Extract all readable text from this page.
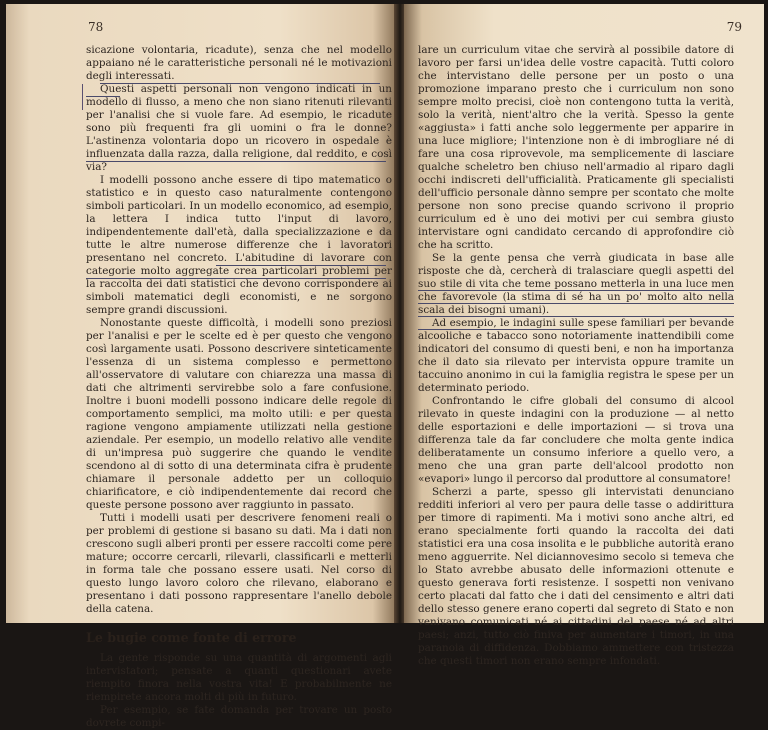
78

sicazione volontaria, ricadute), senza che nel modello appaiano né le caratteristiche personali né le motivazioni degli interessati.

Questi aspetti personali non vengono indicati in un modello di flusso, a meno che non siano ritenuti rilevanti per l'analisi che si vuole fare. Ad esempio, le ricadute sono più frequenti fra gli uomini o fra le donne? L'astinenza volontaria dopo un ricovero in ospedale è influenzata dalla razza, dalla religione, dal reddito, e così via?

I modelli possono anche essere di tipo matematico o statistico e in questo caso naturalmente contengono simboli particolari. In un modello economico, ad esempio, la lettera I indica tutto l'input di lavoro, indipendentemente dall'età, dalla specializzazione e da tutte le altre numerose differenze che i lavoratori presentano nel concreto. L'abitudine di lavorare con categorie molto aggregate crea particolari problemi per la raccolta dei dati statistici che devono corrispondere ai simboli matematici degli economisti, e ne sorgono sempre grandi discussioni.

Nonostante queste difficoltà, i modelli sono preziosi per l'analisi e per le scelte ed è per questo che vengono così largamente usati. Possono descrivere sinteticamente l'essenza di un sistema complesso e permettono all'osservatore di valutare con chiarezza una massa di dati che altrimenti servirebbe solo a fare confusione. Inoltre i buoni modelli possono indicare delle regole di comportamento semplici, ma molto utili: e per questa ragione vengono ampiamente utilizzati nella gestione aziendale. Per esempio, un modello relativo alle vendite di un'impresa può suggerire che quando le vendite scendono al di sotto di una determinata cifra è prudente chiamare il personale addetto per un colloquio chiarificatore, e ciò indipendentemente dai record che queste persone possono aver raggiunto in passato.

Tutti i modelli usati per descrivere fenomeni reali o per problemi di gestione si basano su dati. Ma i dati non crescono sugli alberi pronti per essere raccolti come pere mature; occorre cercarli, rilevarli, classificarli e metterli in forma tale che possano essere usati. Nel corso di questo lungo lavoro coloro che rilevano, elaborano e presentano i dati possono rappresentare l'anello debole della catena.

Le bugie come fonte di errore

La gente risponde su una quantità di argomenti agli intervistatori; pensate a quanti questionari avete riempito finora nella vostra vita! E probabilmente ne riempirete ancora molti di più in futuro.

Per esempio, se fate domanda per trovare un posto dovrete compi-

79

lare un curriculum vitae che servirà al possibile datore di lavoro per farsi un'idea delle vostre capacità. Tutti coloro che intervistano delle persone per un posto o una promozione imparano presto che i curriculum non sono sempre molto precisi, cioè non contengono tutta la verità, solo la verità, nient'altro che la verità. Spesso la gente «aggiusta» i fatti anche solo leggermente per apparire in una luce migliore; l'intenzione non è di imbrogliare né di fare una cosa riprovevole, ma semplicemente di lasciare qualche scheletro ben chiuso nell'armadio al riparo dagli occhi indiscreti dell'ufficialità. Praticamente gli specialisti dell'ufficio personale dànno sempre per scontato che molte persone non sono precise quando scrivono il proprio curriculum ed è uno dei motivi per cui sembra giusto intervistare ogni candidato cercando di approfondire ciò che ha scritto.

Se la gente pensa che verrà giudicata in base alle risposte che dà, cercherà di tralasciare quegli aspetti del suo stile di vita che teme possano metterla in una luce men che favorevole (la stima di sé ha un po' molto alto nella scala dei bisogni umani).

Ad esempio, le indagini sulle spese familiari per bevande alcooliche e tabacco sono notoriamente inattendibili come indicatori del consumo di questi beni, e non ha importanza che il dato sia rilevato per intervista oppure tramite un taccuino anonimo in cui la famiglia registra le spese per un determinato periodo.

Confrontando le cifre globali del consumo di alcool rilevato in queste indagini con la produzione — al netto delle esportazioni e delle importazioni — si trova una differenza tale da far concludere che molta gente indica deliberatamente un consumo inferiore a quello vero, a meno che una gran parte dell'alcool prodotto non «evapori» lungo il percorso dal produttore al consumatore!

Scherzi a parte, spesso gli intervistati denunciano redditi inferiori al vero per paura delle tasse o addirittura per timore di rapimenti. Ma i motivi sono anche altri, ed erano specialmente forti quando la raccolta dei dati statistici era una cosa insolita e le pubbliche autorità erano meno agguerrite. Nel diciannovesimo secolo si temeva che lo Stato avrebbe abusato delle informazioni ottenute e questo generava forti resistenze. I sospetti non venivano certo placati dal fatto che i dati del censimento e altri dati dello stesso genere erano coperti dal segreto di Stato e non venivano comunicati né ai cittadini del paese né ad altri paesi; anzi, tutto ciò finiva per aumentare i timori, in una paranoia di diffidenza. Dobbiamo ammettere con tristezza che questi timori non erano sempre infondati.
